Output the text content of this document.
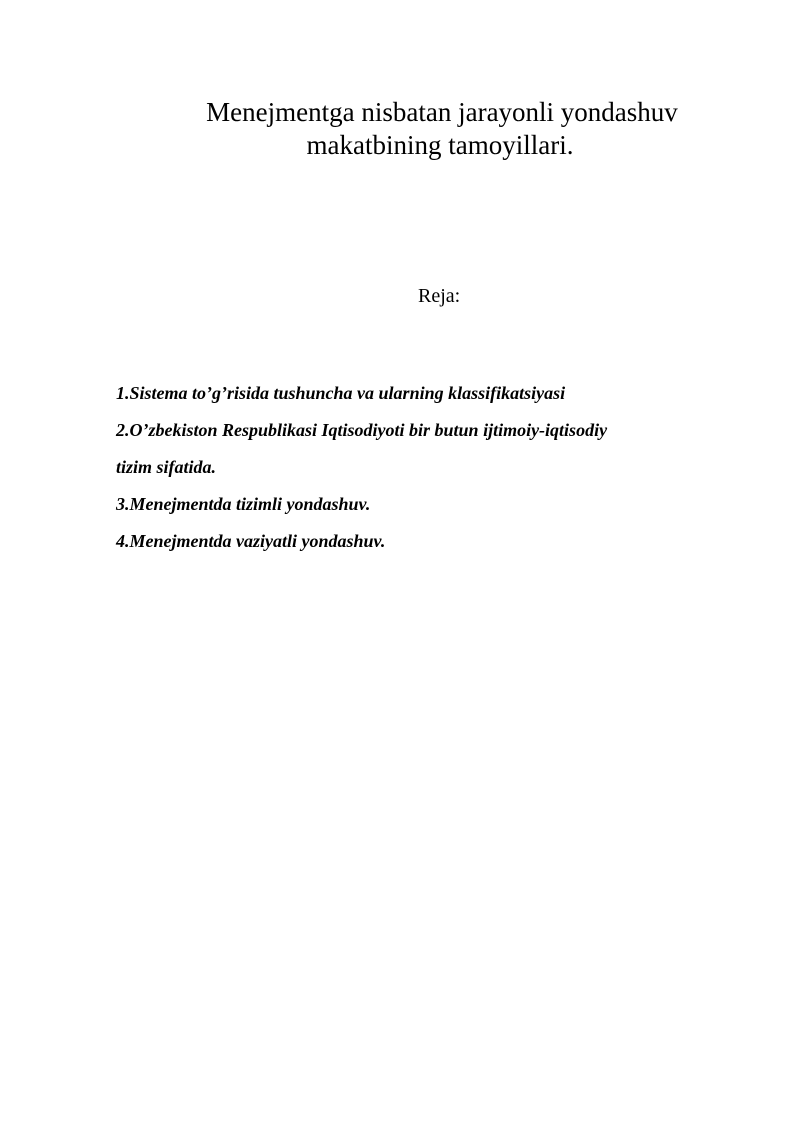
Menejmentga nisbatan jarayonli yondashuv
makatbining tamoyillari.
Reja:
1.Sistema to’g’risida tushuncha va ularning klassifikatsiyasi
2.O’zbekiston Respublikasi Iqtisodiyoti bir butun ijtimoiy-iqtisodiy
tizim sifatida.
3.Menejmentda tizimli yondashuv.
4.Menejmentda vaziyatli yondashuv.
